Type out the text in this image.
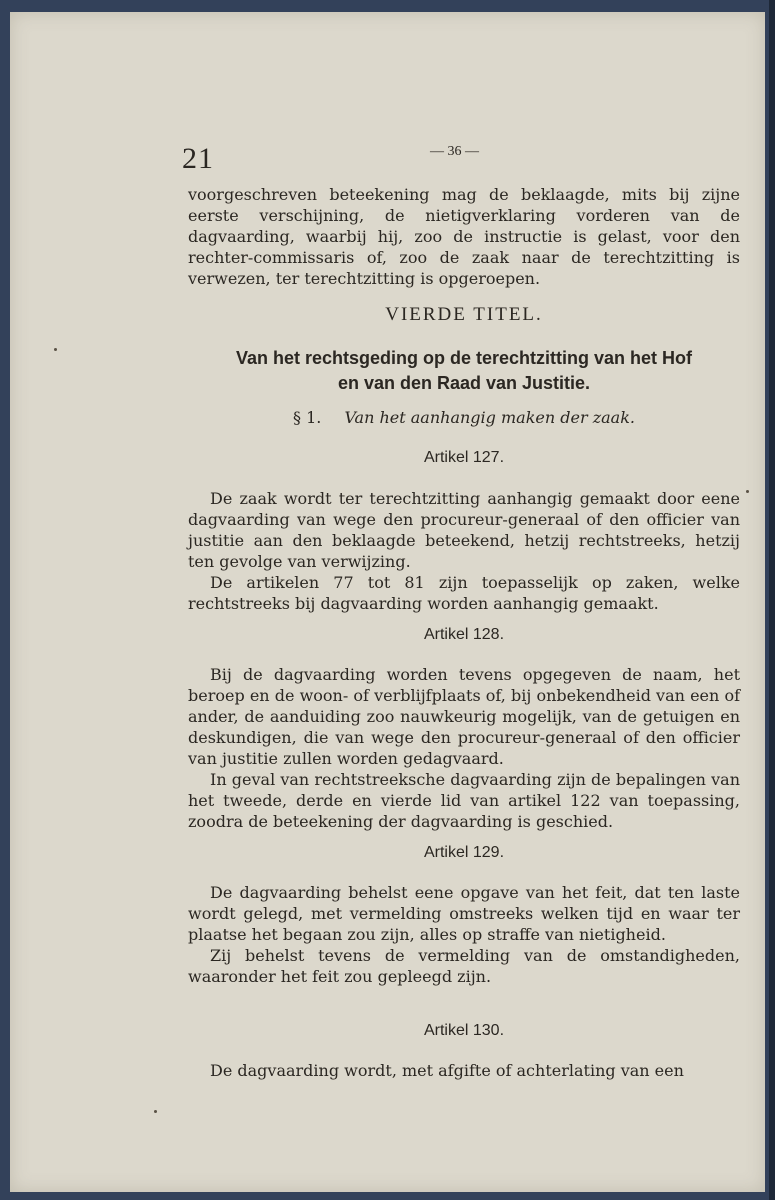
21	— 36 —
voorgeschreven beteekening mag de beklaagde, mits bij zijne eerste verschijning, de nietigverklaring vorderen van de dagvaarding, waarbij hij, zoo de instructie is gelast, voor den rechter-commissaris of, zoo de zaak naar de terechtzitting is verwezen, ter terechtzitting is opgeroepen.
VIERDE TITEL.
Van het rechtsgeding op de terechtzitting van het Hof
en van den Raad van Justitie.
§ 1. Van het aanhangig maken der zaak.
Artikel 127.

De zaak wordt ter terechtzitting aanhangig gemaakt door eene dagvaarding van wege den procureur-generaal of den officier van justitie aan den beklaagde beteekend, hetzij rechtstreeks, hetzij ten gevolge van verwijzing.

De artikelen 77 tot 81 zijn toepasselijk op zaken, welke rechtstreeks bij dagvaarding worden aanhangig gemaakt.

Artikel 128.

Bij de dagvaarding worden tevens opgegeven de naam, het beroep en de woon- of verblijfplaats of, bij onbekendheid van een of ander, de aanduiding zoo nauwkeurig mogelijk, van de getuigen en deskundigen, die van wege den procureur-generaal of den officier van justitie zullen worden gedagvaard.

In geval van rechtstreeksche dagvaarding zijn de bepalingen van het tweede, derde en vierde lid van artikel 122 van toepassing, zoodra de beteekening der dagvaarding is geschied.

Artikel 129.

De dagvaarding behelst eene opgave van het feit, dat ten laste wordt gelegd, met vermelding omstreeks welken tijd en waar ter plaatse het begaan zou zijn, alles op straffe van nietigheid.

Zij behelst tevens de vermelding van de omstandigheden, waaronder het feit zou gepleegd zijn.

Artikel 130.

De dagvaarding wordt, met afgifte of achterlating van een
